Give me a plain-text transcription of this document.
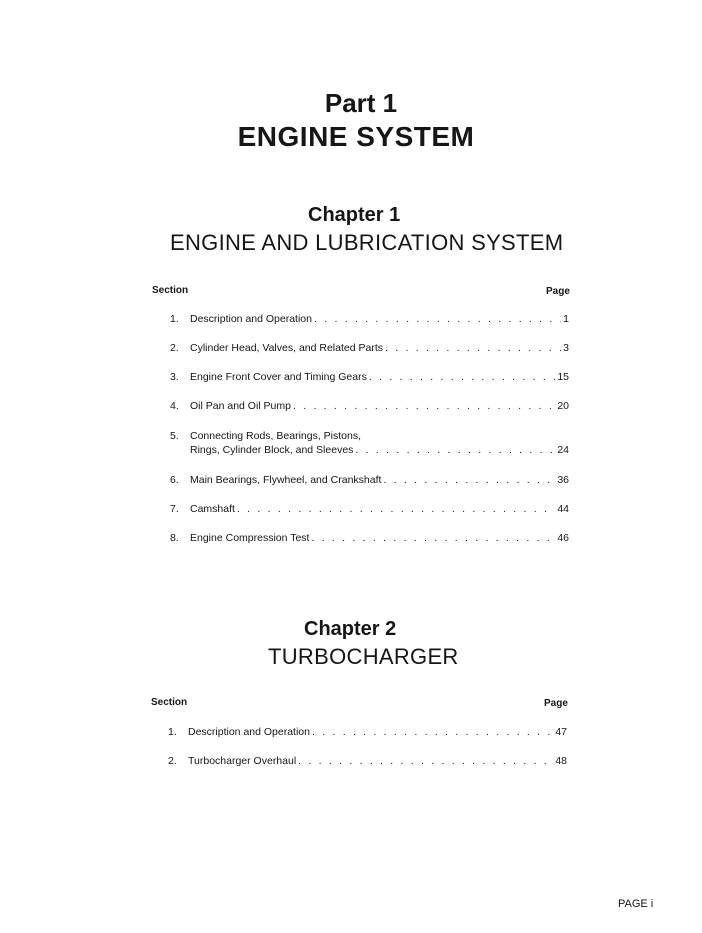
Part 1
ENGINE SYSTEM
Chapter 1
ENGINE AND LUBRICATION SYSTEM
Section	Page
1. Description and Operation . . .	1
2. Cylinder Head, Valves, and Related Parts . . .	3
3. Engine Front Cover and Timing Gears . . .	15
4. Oil Pan and Oil Pump . . .	20
5. Connecting Rods, Bearings, Pistons,
Rings, Cylinder Block, and Sleeves . . .	24
6. Main Bearings, Flywheel, and Crankshaft . . .	36
7. Camshaft . . .	44
8. Engine Compression Test . . .	46
Chapter 2
TURBOCHARGER
Section	Page
1. Description and Operation . . .	47
2. Turbocharger Overhaul . . .	48
PAGE i
